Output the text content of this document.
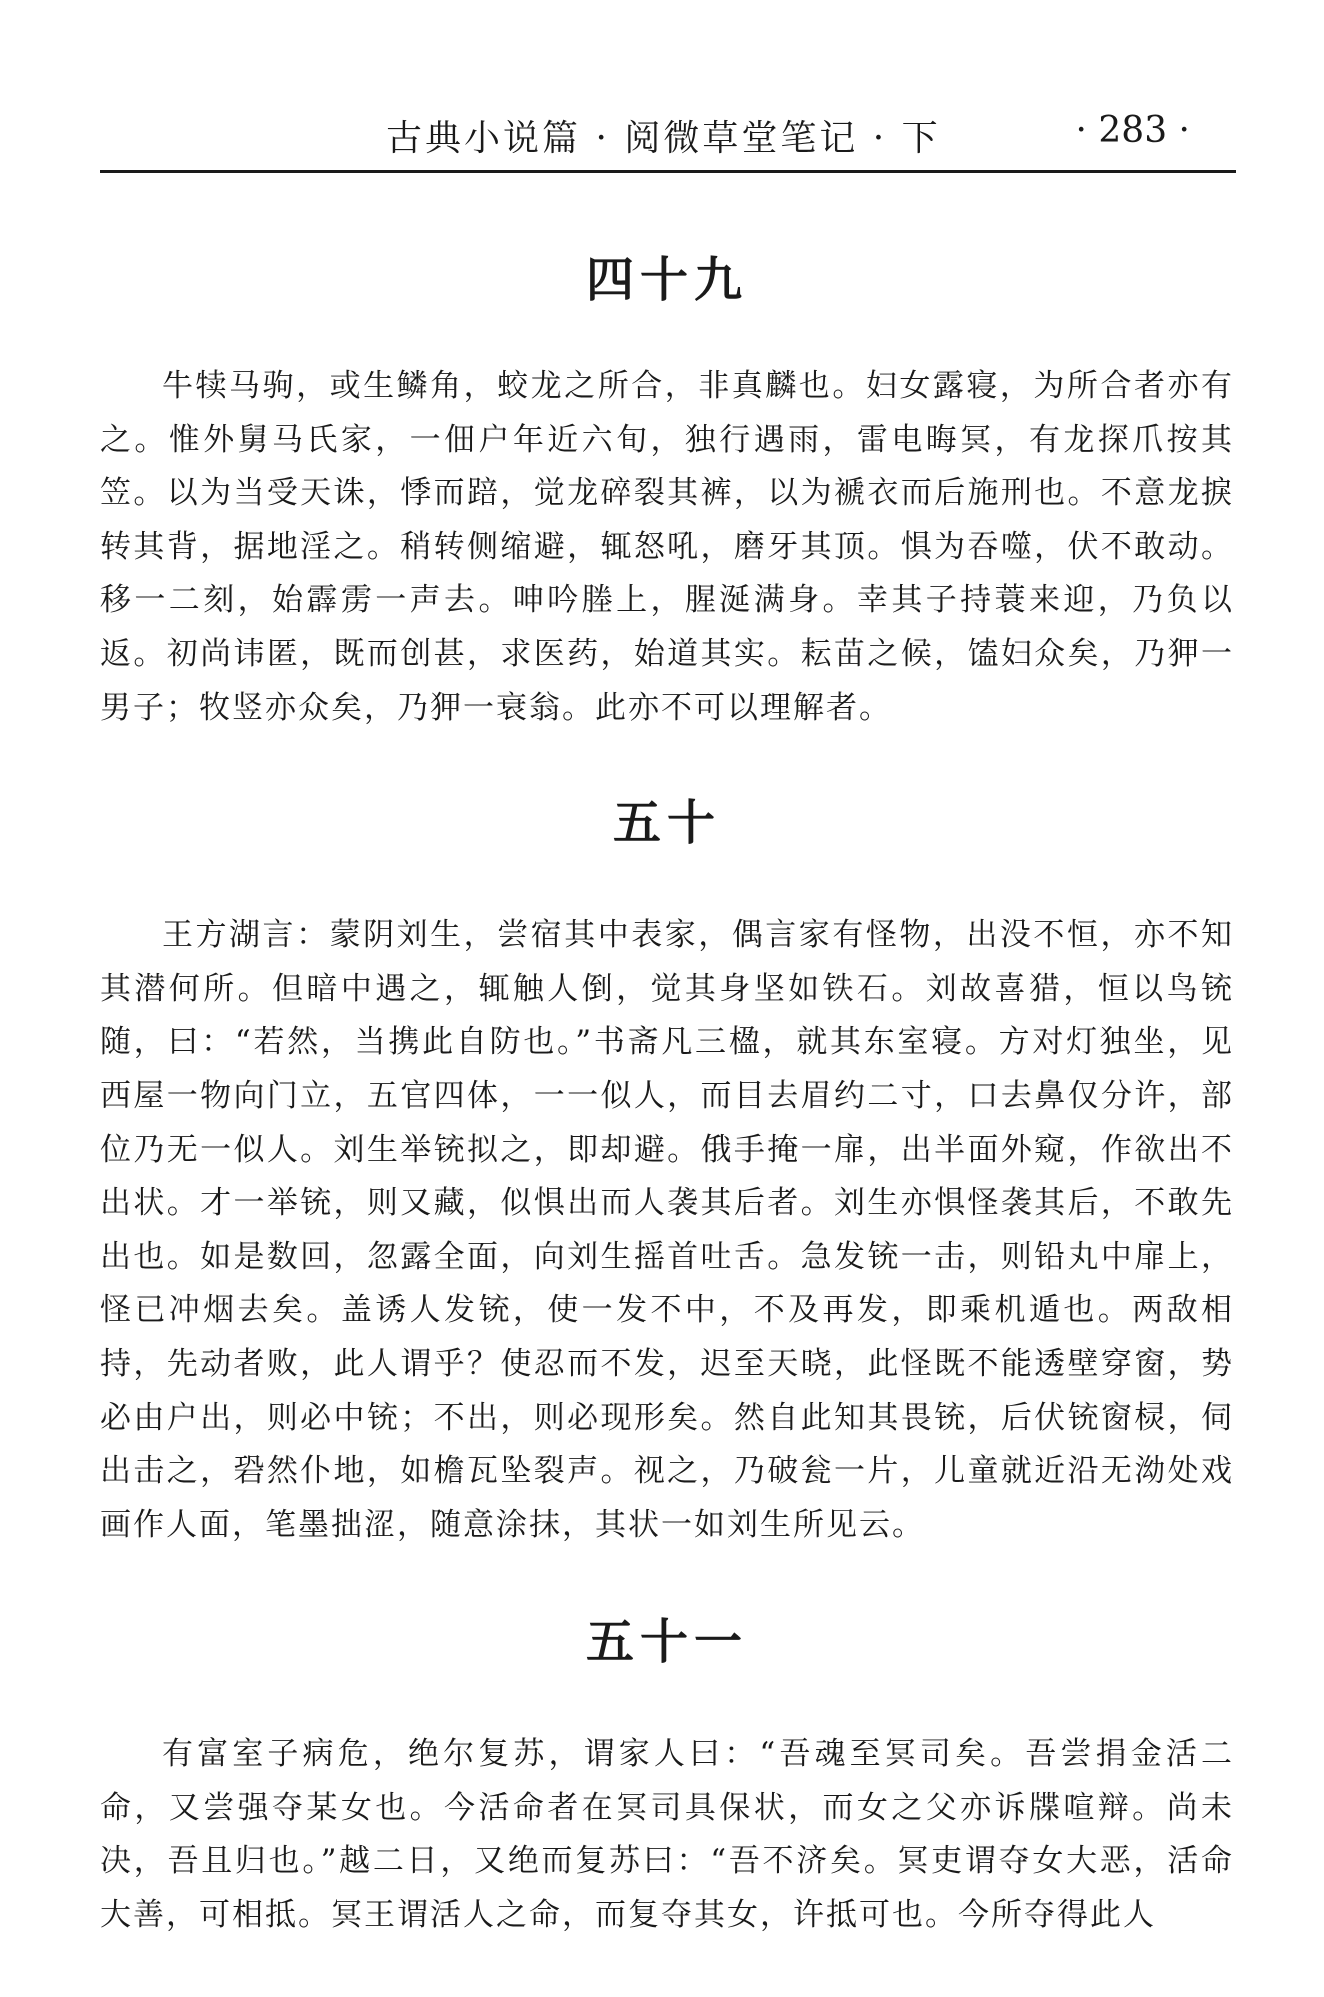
古典小说篇 · 阅微草堂笔记 · 下	· 283 ·
四十九

牛犊马驹，或生鳞角，蛟龙之所合，非真麟也。妇女露寝，为所合者亦有之。惟外舅马氏家，一佃户年近六旬，独行遇雨，雷电晦冥，有龙探爪按其笠。以为当受天诛，悸而踣，觉龙碎裂其裤，以为褫衣而后施刑也。不意龙捩转其背，据地淫之。稍转侧缩避，辄怒吼，磨牙其顶。惧为吞噬，伏不敢动。移一二刻，始霹雳一声去。呻吟塍上，腥涎满身。幸其子持蓑来迎，乃负以返。初尚讳匿，既而创甚，求医药，始道其实。耘苗之候，馌妇众矣，乃狎一男子；牧竖亦众矣，乃狎一衰翁。此亦不可以理解者。

五十

王方湖言：蒙阴刘生，尝宿其中表家，偶言家有怪物，出没不恒，亦不知其潜何所。但暗中遇之，辄触人倒，觉其身坚如铁石。刘故喜猎，恒以鸟铳随，曰：“若然，当携此自防也。”书斋凡三楹，就其东室寝。方对灯独坐，见西屋一物向门立，五官四体，一一似人，而目去眉约二寸，口去鼻仅分许，部位乃无一似人。刘生举铳拟之，即却避。俄手掩一扉，出半面外窥，作欲出不出状。才一举铳，则又藏，似惧出而人袭其后者。刘生亦惧怪袭其后，不敢先出也。如是数回，忽露全面，向刘生摇首吐舌。急发铳一击，则铅丸中扉上，怪已冲烟去矣。盖诱人发铳，使一发不中，不及再发，即乘机遁也。两敌相持，先动者败，此人谓乎？使忍而不发，迟至天晓，此怪既不能透壁穿窗，势必由户出，则必中铳；不出，则必现形矣。然自此知其畏铳，后伏铳窗棂，伺出击之，䂬然仆地，如檐瓦坠裂声。视之，乃破瓮一片，儿童就近沿无泑处戏画作人面，笔墨拙涩，随意涂抹，其状一如刘生所见云。

五十一

有富室子病危，绝尔复苏，谓家人曰：“吾魂至冥司矣。吾尝捐金活二命，又尝强夺某女也。今活命者在冥司具保状，而女之父亦诉牒喧辩。尚未决，吾且归也。”越二日，又绝而复苏曰：“吾不济矣。冥吏谓夺女大恶，活命大善，可相抵。冥王谓活人之命，而复夺其女，许抵可也。今所夺得此人
